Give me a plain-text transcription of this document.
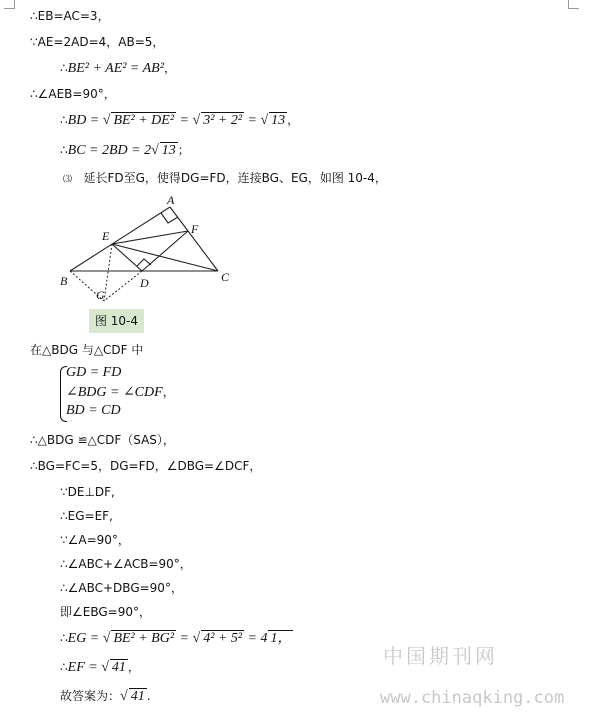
∴EB=AC=3，
∵AE=2AD=4，AB=5，
∴BE² + AE² = AB²，
∴∠AEB=90°，
∴BD = √ BE² + DE² = √ 3² + 2² = √ 13 ，
∴BC = 2BD = 2√ 13 ；
⑶ 延长FD至G，使得DG=FD，连接BG、EG，如图 10-4，
A
B	C
D
E	F
G
图 10-4
在△BDG 与△CDF 中
GD = FD
∠BDG = ∠CDF，
BD = CD
∴△BDG ≌△CDF（SAS），
∴BG=FC=5，DG=FD，∠DBG=∠DCF，
∵DE⊥DF,
∴EG=EF,
∵∠A=90°，
∴∠ABC+∠ACB=90°，
∴∠ABC+DBG=90°，
即∠EBG=90°，
∴EG = √ BE² + BG² = √ 4² + 5² = 4 1，
∴EF = √ 41 ，
故答案为：√ 41 .
中国期刊网
www.chinaqking.com
